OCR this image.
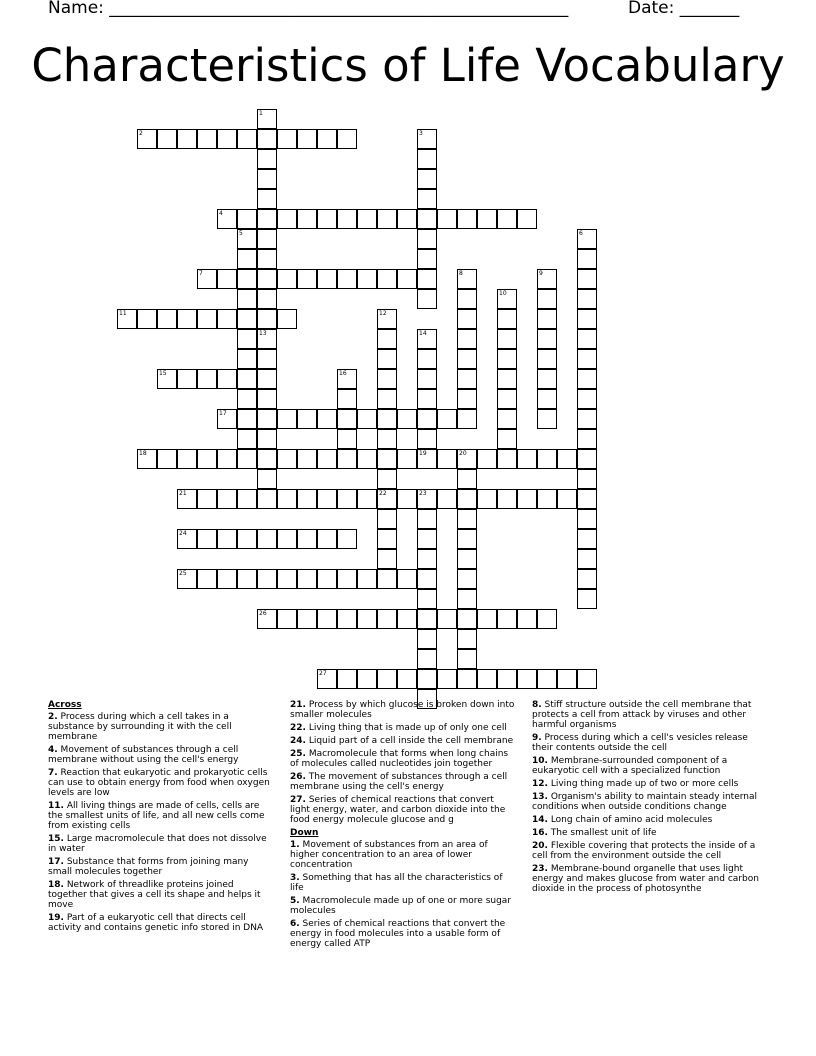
Name: ______________________________________________________	Date: _______
Characteristics of Life Vocabulary
1
2	3
4
5	6
7	8	9
10
11	12
22
13	14
19
15	16
17
18	20
21	23
24
25
26
27
Across
2. Process during which a cell takes in a substance by surrounding it with the cell membrane
4. Movement of substances through a cell membrane without using the cell's energy
7. Reaction that eukaryotic and prokaryotic cells can use to obtain energy from food when oxygen levels are low
11. All living things are made of cells, cells are the smallest units of life, and all new cells come from existing cells
15. Large macromolecule that does not dissolve in water
17. Substance that forms from joining many small molecules together
18. Network of threadlike proteins joined together that gives a cell its shape and helps it move
19. Part of a eukaryotic cell that directs cell activity and contains genetic info stored in DNA
21. Process by which glucose is broken down into smaller molecules
22. Living thing that is made up of only one cell
24. Liquid part of a cell inside the cell membrane
25. Macromolecule that forms when long chains of molecules called nucleotides join together
26. The movement of substances through a cell membrane using the cell's energy
27. Series of chemical reactions that convert light energy, water, and carbon dioxide into the food energy molecule glucose and g
Down
1. Movement of substances from an area of higher concentration to an area of lower concentration
3. Something that has all the characteristics of life
5. Macromolecule made up of one or more sugar molecules
6. Series of chemical reactions that convert the energy in food molecules into a usable form of energy called ATP
8. Stiff structure outside the cell membrane that protects a cell from attack by viruses and other harmful organisms
9. Process during which a cell's vesicles release their contents outside the cell
10. Membrane-surrounded component of a eukaryotic cell with a specialized function
12. Living thing made up of two or more cells
13. Organism's ability to maintain steady internal conditions when outside conditions change
14. Long chain of amino acid molecules
16. The smallest unit of life
20. Flexible covering that protects the inside of a cell from the environment outside the cell
23. Membrane-bound organelle that uses light energy and makes glucose from water and carbon dioxide in the process of photosynthe
